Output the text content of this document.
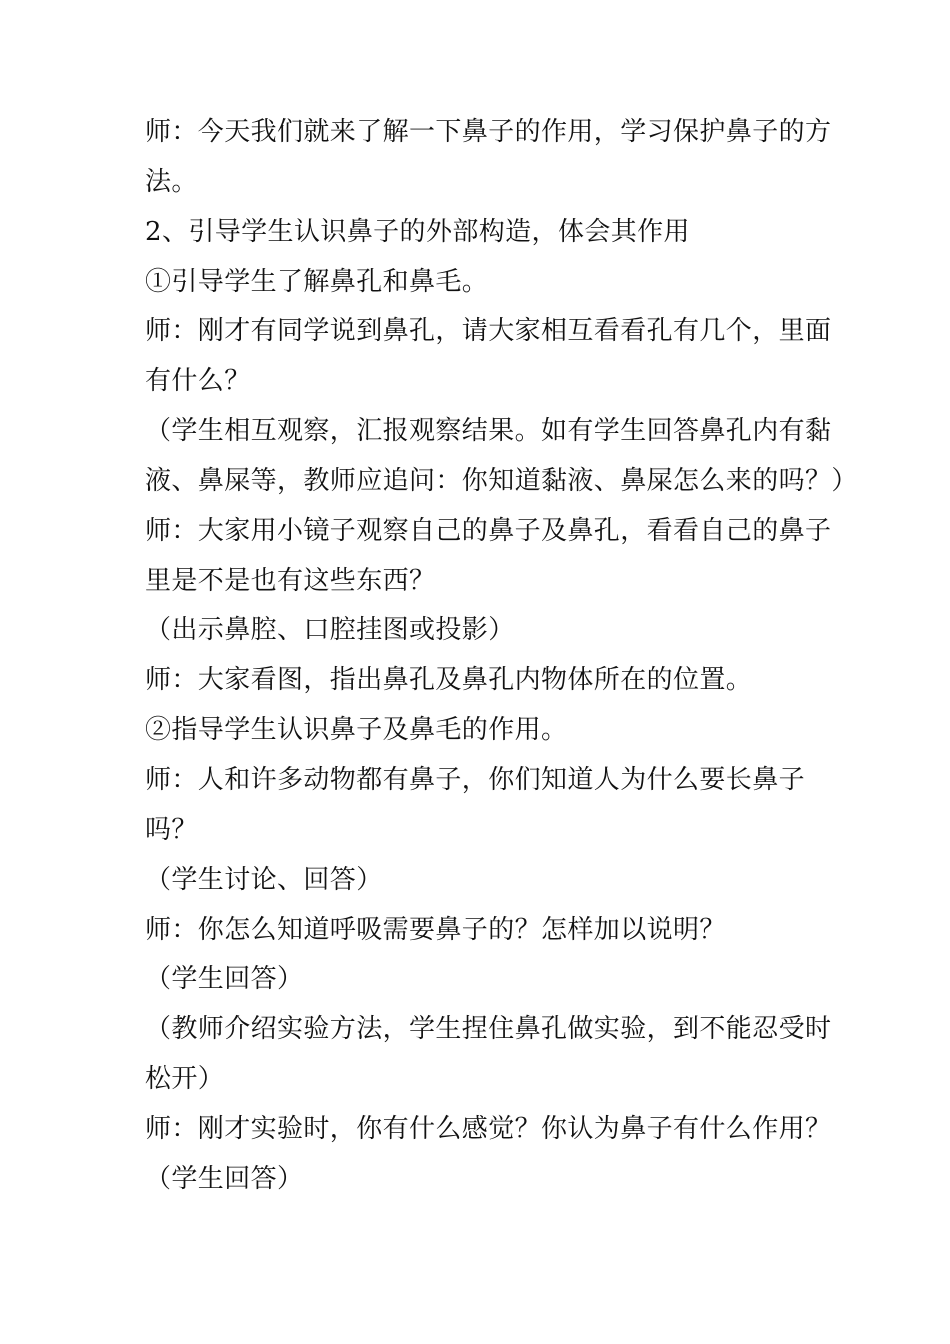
师：今天我们就来了解一下鼻子的作用，学习保护鼻子的方
法。
2、引导学生认识鼻子的外部构造，体会其作用
①引导学生了解鼻孔和鼻毛。
师：刚才有同学说到鼻孔，请大家相互看看孔有几个，里面
有什么？
（学生相互观察，汇报观察结果。如有学生回答鼻孔内有黏
液、鼻屎等，教师应追问：你知道黏液、鼻屎怎么来的吗？）
师：大家用小镜子观察自己的鼻子及鼻孔，看看自己的鼻子
里是不是也有这些东西？
（出示鼻腔、口腔挂图或投影）
师：大家看图，指出鼻孔及鼻孔内物体所在的位置。
②指导学生认识鼻子及鼻毛的作用。
师：人和许多动物都有鼻子，你们知道人为什么要长鼻子
吗？
（学生讨论、回答）
师：你怎么知道呼吸需要鼻子的？怎样加以说明？
（学生回答）
（教师介绍实验方法，学生捏住鼻孔做实验，到不能忍受时
松开）
师：刚才实验时，你有什么感觉？你认为鼻子有什么作用？
（学生回答）
